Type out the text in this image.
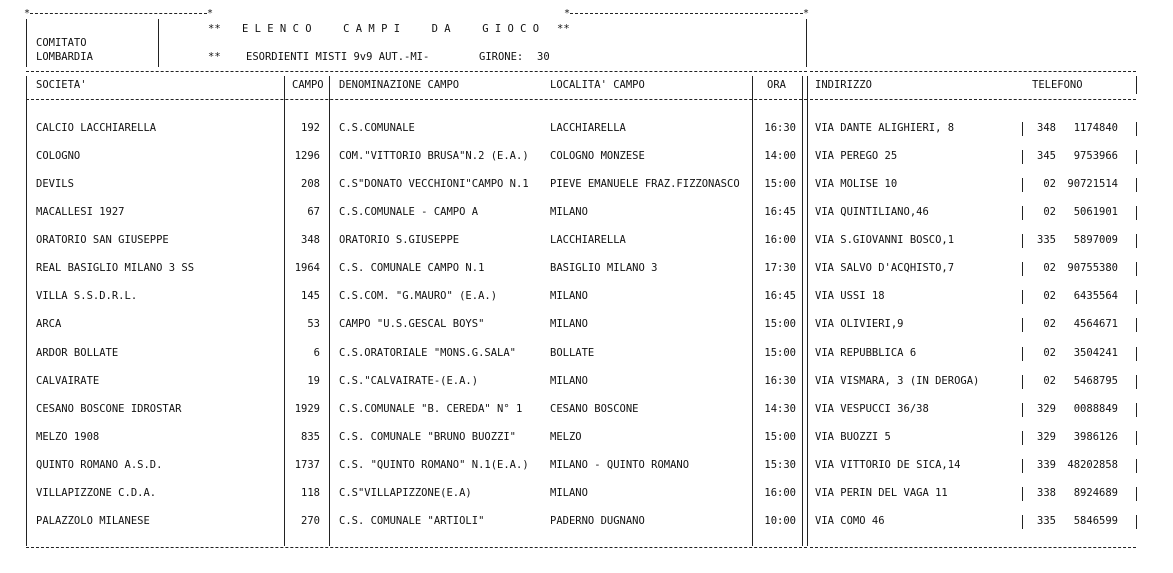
*	*	*	*
COMITATO
LOMBARDIA
** E L E N C O     C A M P I     D A     G I O C O **
** ESORDIENTI MISTI 9v9 AUT.-MI-	GIRONE: 30
SOCIETA'	CAMPO DENOMINAZIONE CAMPO	LOCALITA' CAMPO	ORA	INDIRIZZO	TELEFONO
CALCIO LACCHIARELLA	192 C.S.COMUNALE	LACCHIARELLA	16:30 VIA DANTE ALIGHIERI, 8	348	1174840
COLOGNO	1296 COM."VITTORIO BRUSA"N.2 (E.A.)	COLOGNO MONZESE	14:00 VIA PEREGO 25	345	9753966
DEVILS	208 C.S"DONATO VECCHIONI"CAMPO N.1	PIEVE EMANUELE FRAZ.FIZZONASCO	15:00 VIA MOLISE 10	02	90721514
MACALLESI 1927	67 C.S.COMUNALE - CAMPO A	MILANO	16:45 VIA QUINTILIANO,46	02	5061901
ORATORIO SAN GIUSEPPE	348 ORATORIO S.GIUSEPPE	LACCHIARELLA	16:00 VIA S.GIOVANNI BOSCO,1	335	5897009
REAL BASIGLIO MILANO 3 SS	1964 C.S. COMUNALE CAMPO N.1	BASIGLIO MILANO 3	17:30 VIA SALVO D'ACQHISTO,7	02	90755380
VILLA S.S.D.R.L.	145 C.S.COM. "G.MAURO" (E.A.)	MILANO	16:45 VIA USSI 18	02	6435564
ARCA	53 CAMPO "U.S.GESCAL BOYS"	MILANO	15:00 VIA OLIVIERI,9	02	4564671
ARDOR BOLLATE	6 C.S.ORATORIALE "MONS.G.SALA"	BOLLATE	15:00 VIA REPUBBLICA 6	02	3504241
CALVAIRATE	19 C.S."CALVAIRATE-(E.A.)	MILANO	16:30 VIA VISMARA, 3 (IN DEROGA)	02	5468795
CESANO BOSCONE IDROSTAR	1929 C.S.COMUNALE "B. CEREDA" N° 1	CESANO BOSCONE	14:30 VIA VESPUCCI 36/38	329	0088849
MELZO 1908	835 C.S. COMUNALE "BRUNO BUOZZI"	MELZO	15:00 VIA BUOZZI 5	329	3986126
QUINTO ROMANO A.S.D.	1737 C.S. "QUINTO ROMANO" N.1(E.A.)	MILANO - QUINTO ROMANO	15:30 VIA VITTORIO DE SICA,14	339	48202858
VILLAPIZZONE C.D.A.	118 C.S"VILLAPIZZONE(E.A)	MILANO	16:00 VIA PERIN DEL VAGA 11	338	8924689
PALAZZOLO MILANESE	270 C.S. COMUNALE "ARTIOLI"	PADERNO DUGNANO	10:00 VIA COMO 46	335	5846599
